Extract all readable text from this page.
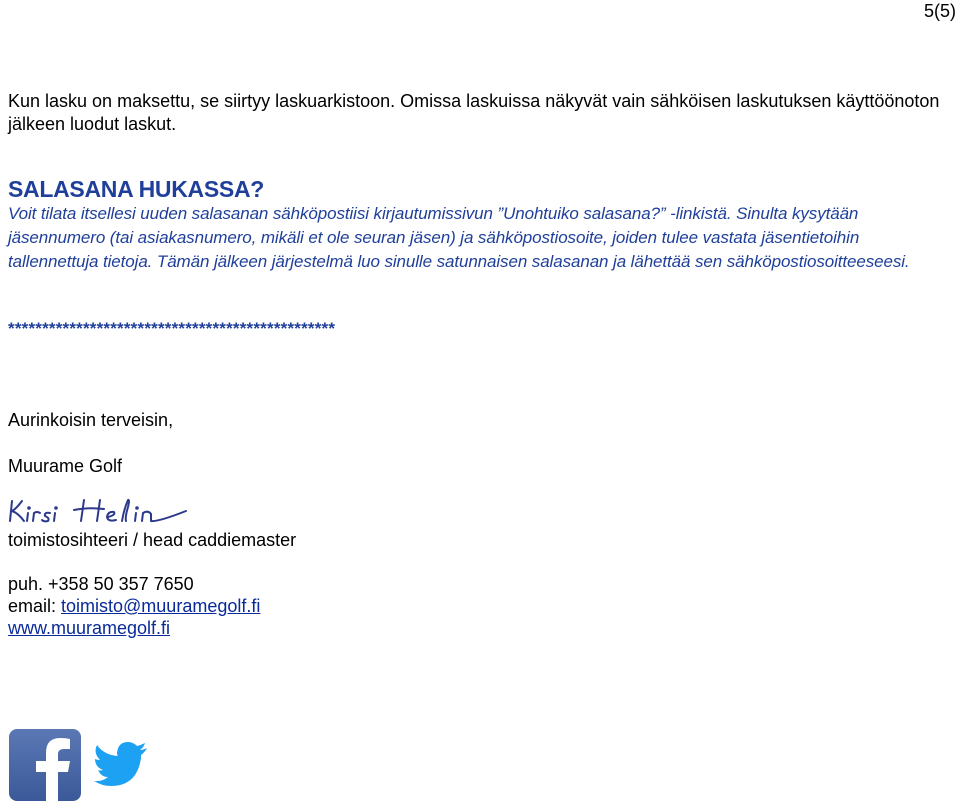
5(5)

Kun lasku on maksettu, se siirtyy laskuarkistoon. Omissa laskuissa näkyvät vain sähköisen laskutuksen käyttöönoton jälkeen luodut laskut.

SALASANA HUKASSA?

Voit tilata itsellesi uuden salasanan sähköpostiisi kirjautumissivun ”Unohtuiko salasana?” -linkistä. Sinulta kysytään jäsennumero (tai asiakasnumero, mikäli et ole seuran jäsen) ja sähköpostiosoite, joiden tulee vastata jäsentietoihin tallennettuja tietoja. Tämän jälkeen järjestelmä luo sinulle satunnaisen salasanan ja lähettää sen sähköpostiosoitteeseesi.

************************************************

Aurinkoisin terveisin,

Muurame Golf

toimistosihteeri / head caddiemaster

puh. +358 50 357 7650

email: toimisto@muuramegolf.fi

www.muuramegolf.fi
